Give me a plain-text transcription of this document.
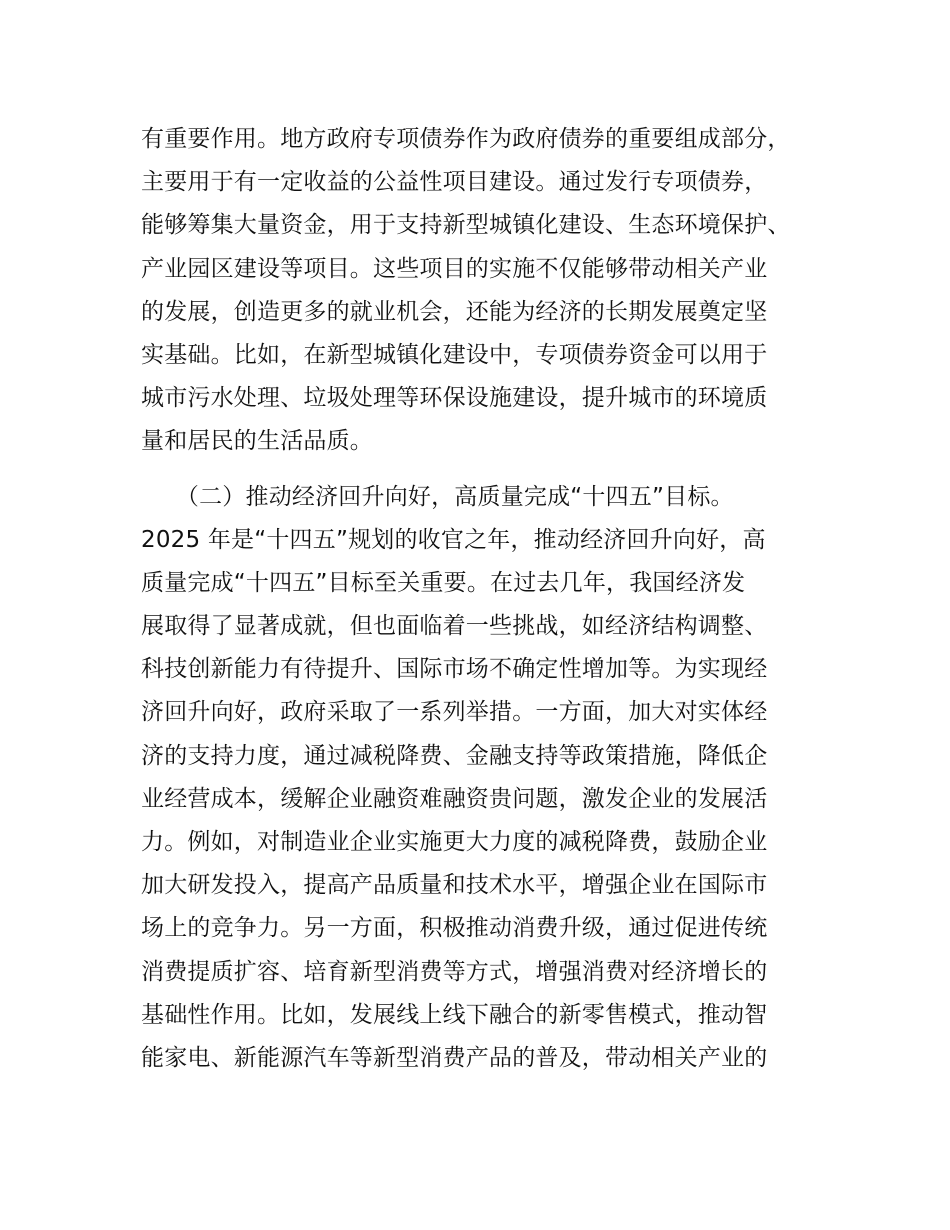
有重要作用。地方政府专项债券作为政府债券的重要组成部分，
主要用于有一定收益的公益性项目建设。通过发行专项债券，
能够筹集大量资金，用于支持新型城镇化建设、生态环境保护、
产业园区建设等项目。这些项目的实施不仅能够带动相关产业
的发展，创造更多的就业机会，还能为经济的长期发展奠定坚
实基础。比如，在新型城镇化建设中，专项债券资金可以用于
城市污水处理、垃圾处理等环保设施建设，提升城市的环境质
量和居民的生活品质。
　　（二）推动经济回升向好，高质量完成“十四五”目标。
2025 年是“十四五”规划的收官之年，推动经济回升向好，高
质量完成“十四五”目标至关重要。在过去几年，我国经济发
展取得了显著成就，但也面临着一些挑战，如经济结构调整、
科技创新能力有待提升、国际市场不确定性增加等。为实现经
济回升向好，政府采取了一系列举措。一方面，加大对实体经
济的支持力度，通过减税降费、金融支持等政策措施，降低企
业经营成本，缓解企业融资难融资贵问题，激发企业的发展活
力。例如，对制造业企业实施更大力度的减税降费，鼓励企业
加大研发投入，提高产品质量和技术水平，增强企业在国际市
场上的竞争力。另一方面，积极推动消费升级，通过促进传统
消费提质扩容、培育新型消费等方式，增强消费对经济增长的
基础性作用。比如，发展线上线下融合的新零售模式，推动智
能家电、新能源汽车等新型消费产品的普及，带动相关产业的
